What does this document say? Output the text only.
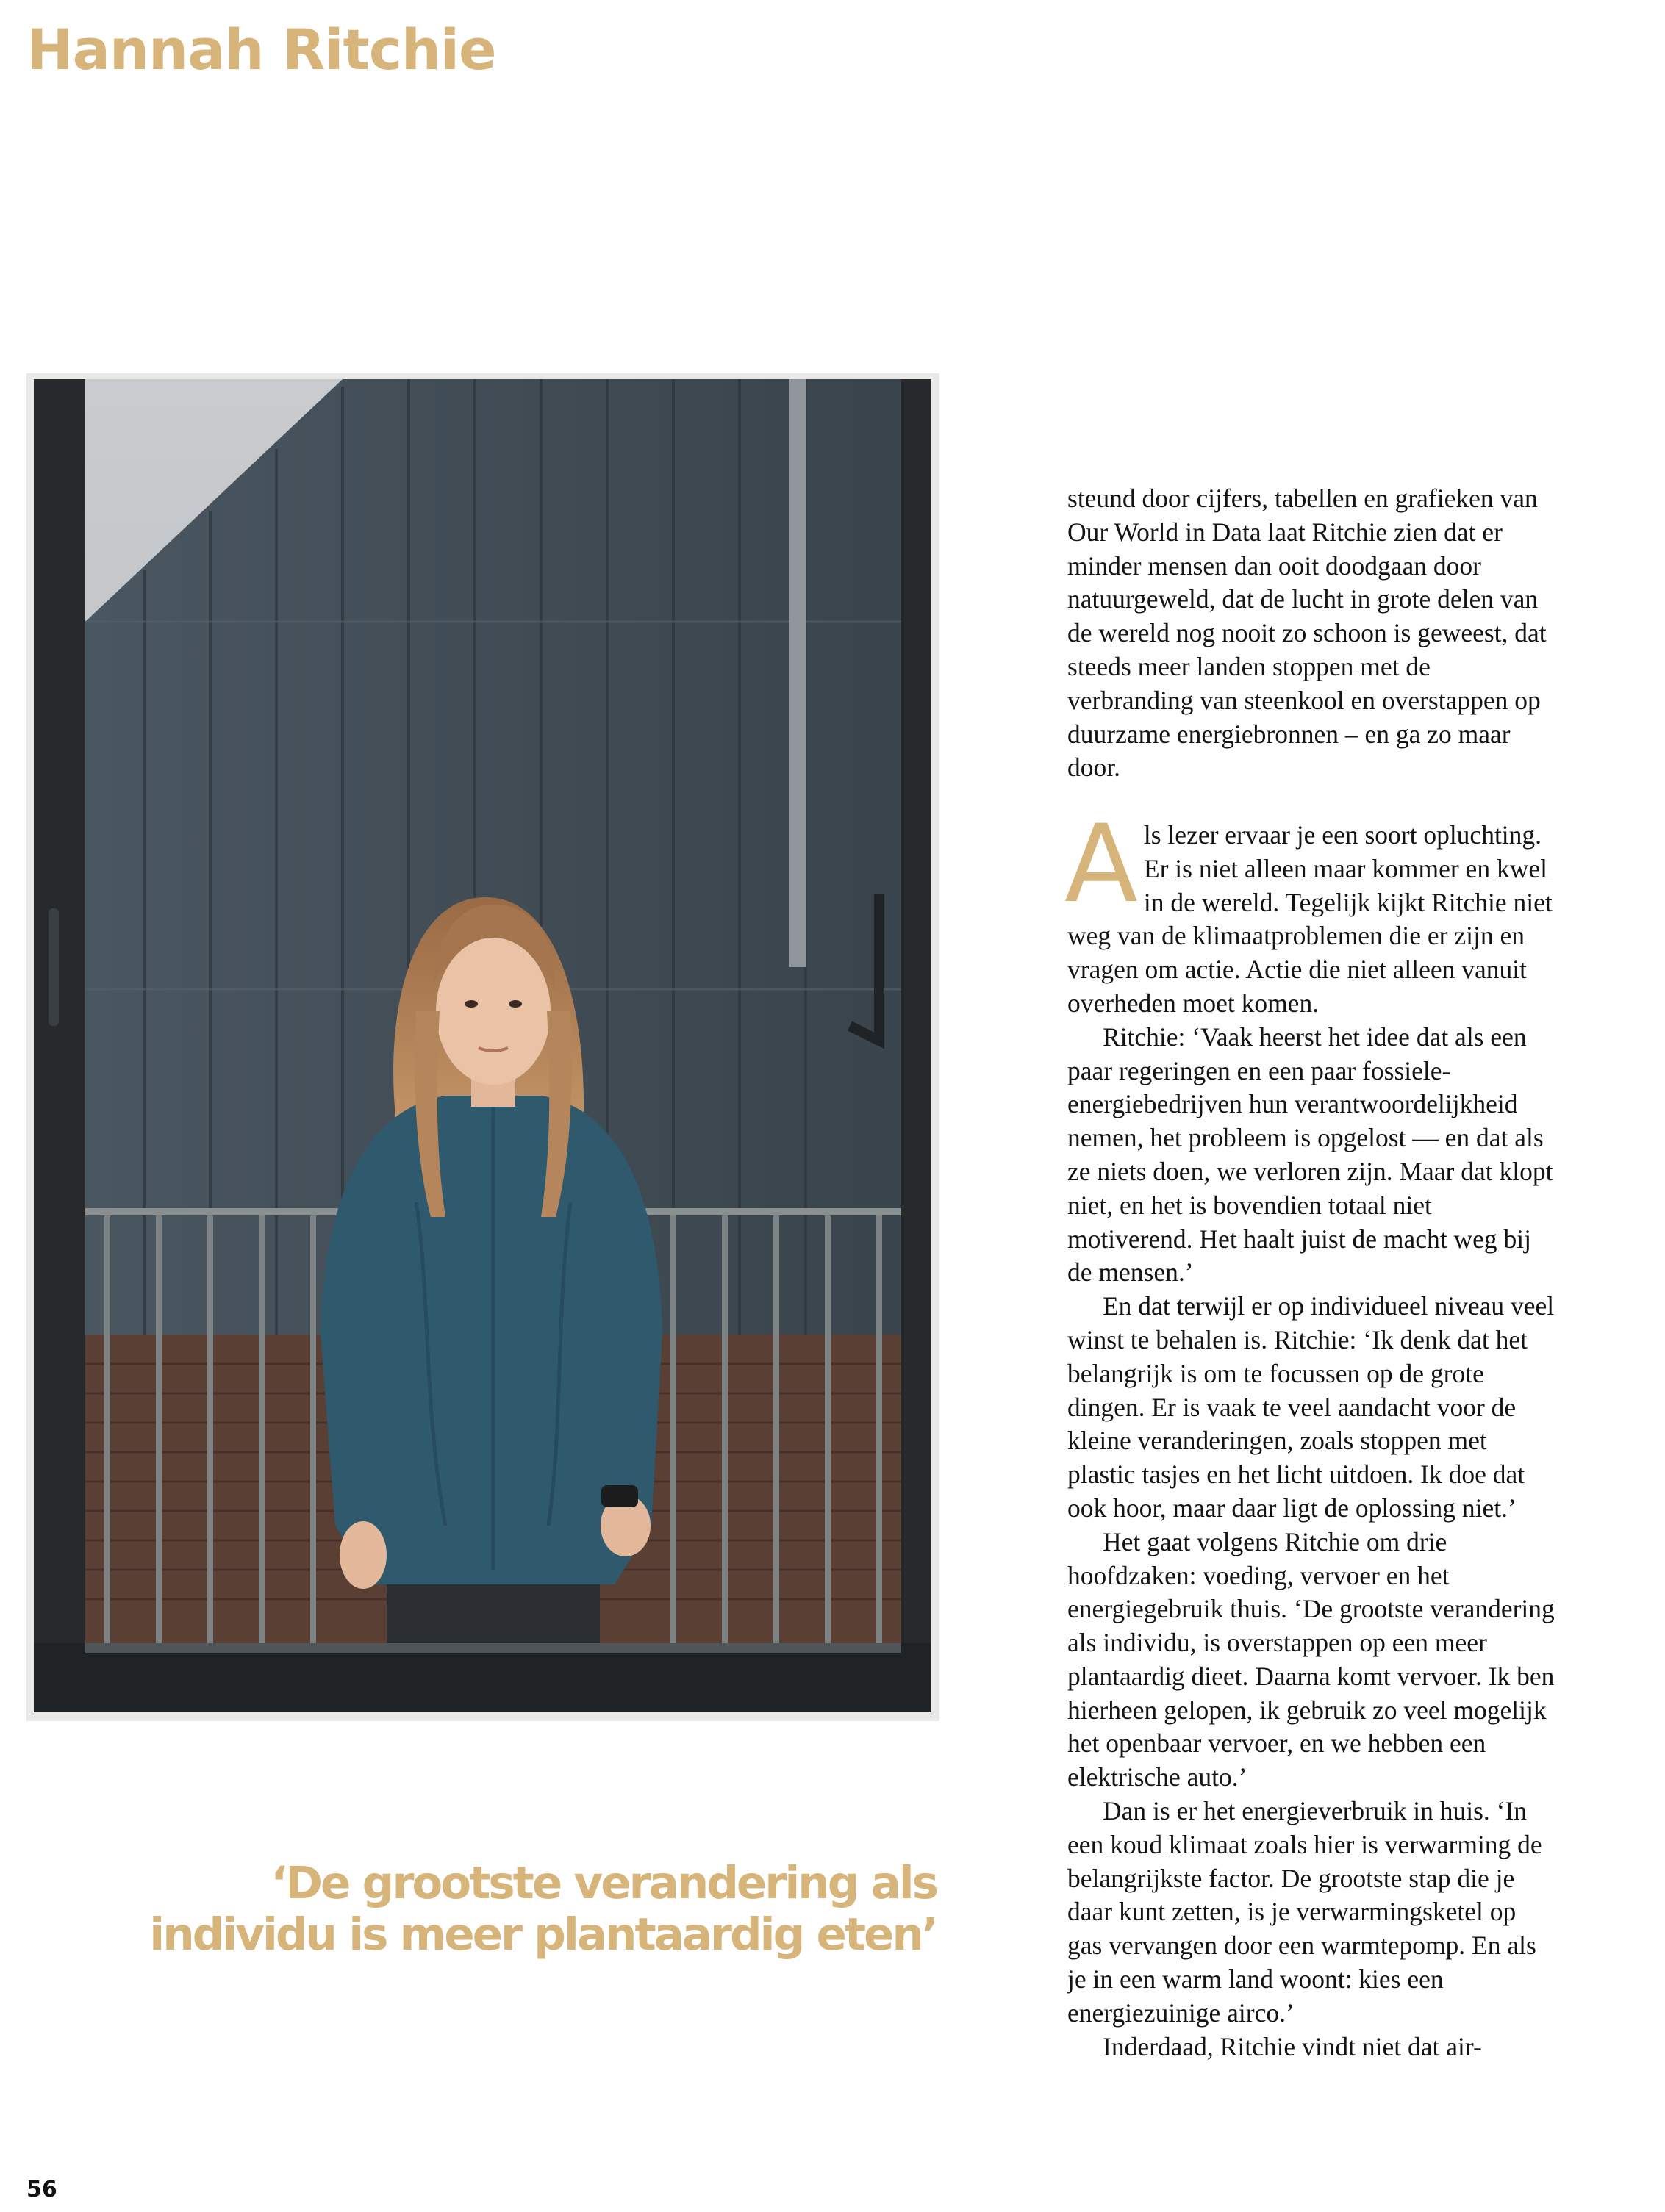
Hannah Ritchie

‘De grootste verandering als individu is meer plantaardig eten’

steund door cijfers, tabellen en grafieken van Our World in Data laat Ritchie zien dat er minder mensen dan ooit doodgaan door natuurgeweld, dat de lucht in grote delen van de wereld nog nooit zo schoon is geweest, dat steeds meer landen stoppen met de verbranding van steenkool en overstappen op duurzame energiebronnen – en ga zo maar door.

Als lezer ervaar je een soort opluchting. Er is niet alleen maar kommer en kwel in de wereld. Tegelijk kijkt Ritchie niet weg van de klimaatproblemen die er zijn en vragen om actie. Actie die niet alleen vanuit overheden moet komen.

Ritchie: ‘Vaak heerst het idee dat als een paar regeringen en een paar fossiele-energiebedrijven hun verantwoordelijkheid nemen, het probleem is opgelost — en dat als ze niets doen, we verloren zijn. Maar dat klopt niet, en het is bovendien totaal niet motiverend. Het haalt juist de macht weg bij de mensen.’

En dat terwijl er op individueel niveau veel winst te behalen is. Ritchie: ‘Ik denk dat het belangrijk is om te focussen op de grote dingen. Er is vaak te veel aandacht voor de kleine veranderingen, zoals stoppen met plastic tasjes en het licht uitdoen. Ik doe dat ook hoor, maar daar ligt de oplossing niet.’

Het gaat volgens Ritchie om drie hoofdzaken: voeding, vervoer en het energiegebruik thuis. ‘De grootste verandering als individu, is overstappen op een meer plantaardig dieet. Daarna komt vervoer. Ik ben hierheen gelopen, ik gebruik zo veel mogelijk het openbaar vervoer, en we hebben een elektrische auto.’

Dan is er het energieverbruik in huis. ‘In een koud klimaat zoals hier is verwarming de belangrijkste factor. De grootste stap die je daar kunt zetten, is je verwarmingsketel op gas vervangen door een warmtepomp. En als je in een warm land woont: kies een energiezuinige airco.’

Inderdaad, Ritchie vindt niet dat air-

56
